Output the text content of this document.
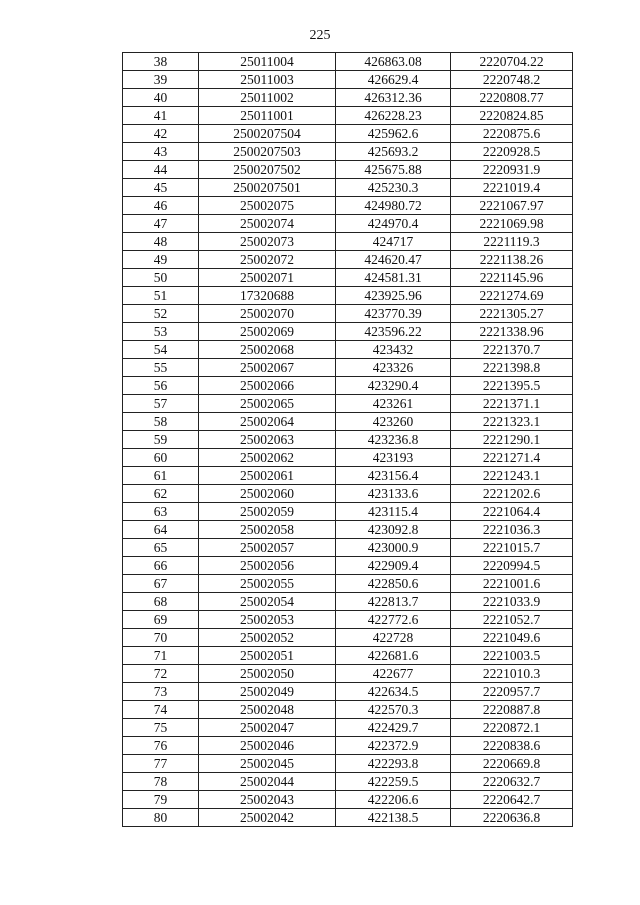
225
38	25011004	426863.08	2220704.22
39	25011003	426629.4	2220748.2
40	25011002	426312.36	2220808.77
41	25011001	426228.23	2220824.85
42	2500207504	425962.6	2220875.6
43	2500207503	425693.2	2220928.5
44	2500207502	425675.88	2220931.9
45	2500207501	425230.3	2221019.4
46	25002075	424980.72	2221067.97
47	25002074	424970.4	2221069.98
48	25002073	424717	2221119.3
49	25002072	424620.47	2221138.26
50	25002071	424581.31	2221145.96
51	17320688	423925.96	2221274.69
52	25002070	423770.39	2221305.27
53	25002069	423596.22	2221338.96
54	25002068	423432	2221370.7
55	25002067	423326	2221398.8
56	25002066	423290.4	2221395.5
57	25002065	423261	2221371.1
58	25002064	423260	2221323.1
59	25002063	423236.8	2221290.1
60	25002062	423193	2221271.4
61	25002061	423156.4	2221243.1
62	25002060	423133.6	2221202.6
63	25002059	423115.4	2221064.4
64	25002058	423092.8	2221036.3
65	25002057	423000.9	2221015.7
66	25002056	422909.4	2220994.5
67	25002055	422850.6	2221001.6
68	25002054	422813.7	2221033.9
69	25002053	422772.6	2221052.7
70	25002052	422728	2221049.6
71	25002051	422681.6	2221003.5
72	25002050	422677	2221010.3
73	25002049	422634.5	2220957.7
74	25002048	422570.3	2220887.8
75	25002047	422429.7	2220872.1
76	25002046	422372.9	2220838.6
77	25002045	422293.8	2220669.8
78	25002044	422259.5	2220632.7
79	25002043	422206.6	2220642.7
80	25002042	422138.5	2220636.8
